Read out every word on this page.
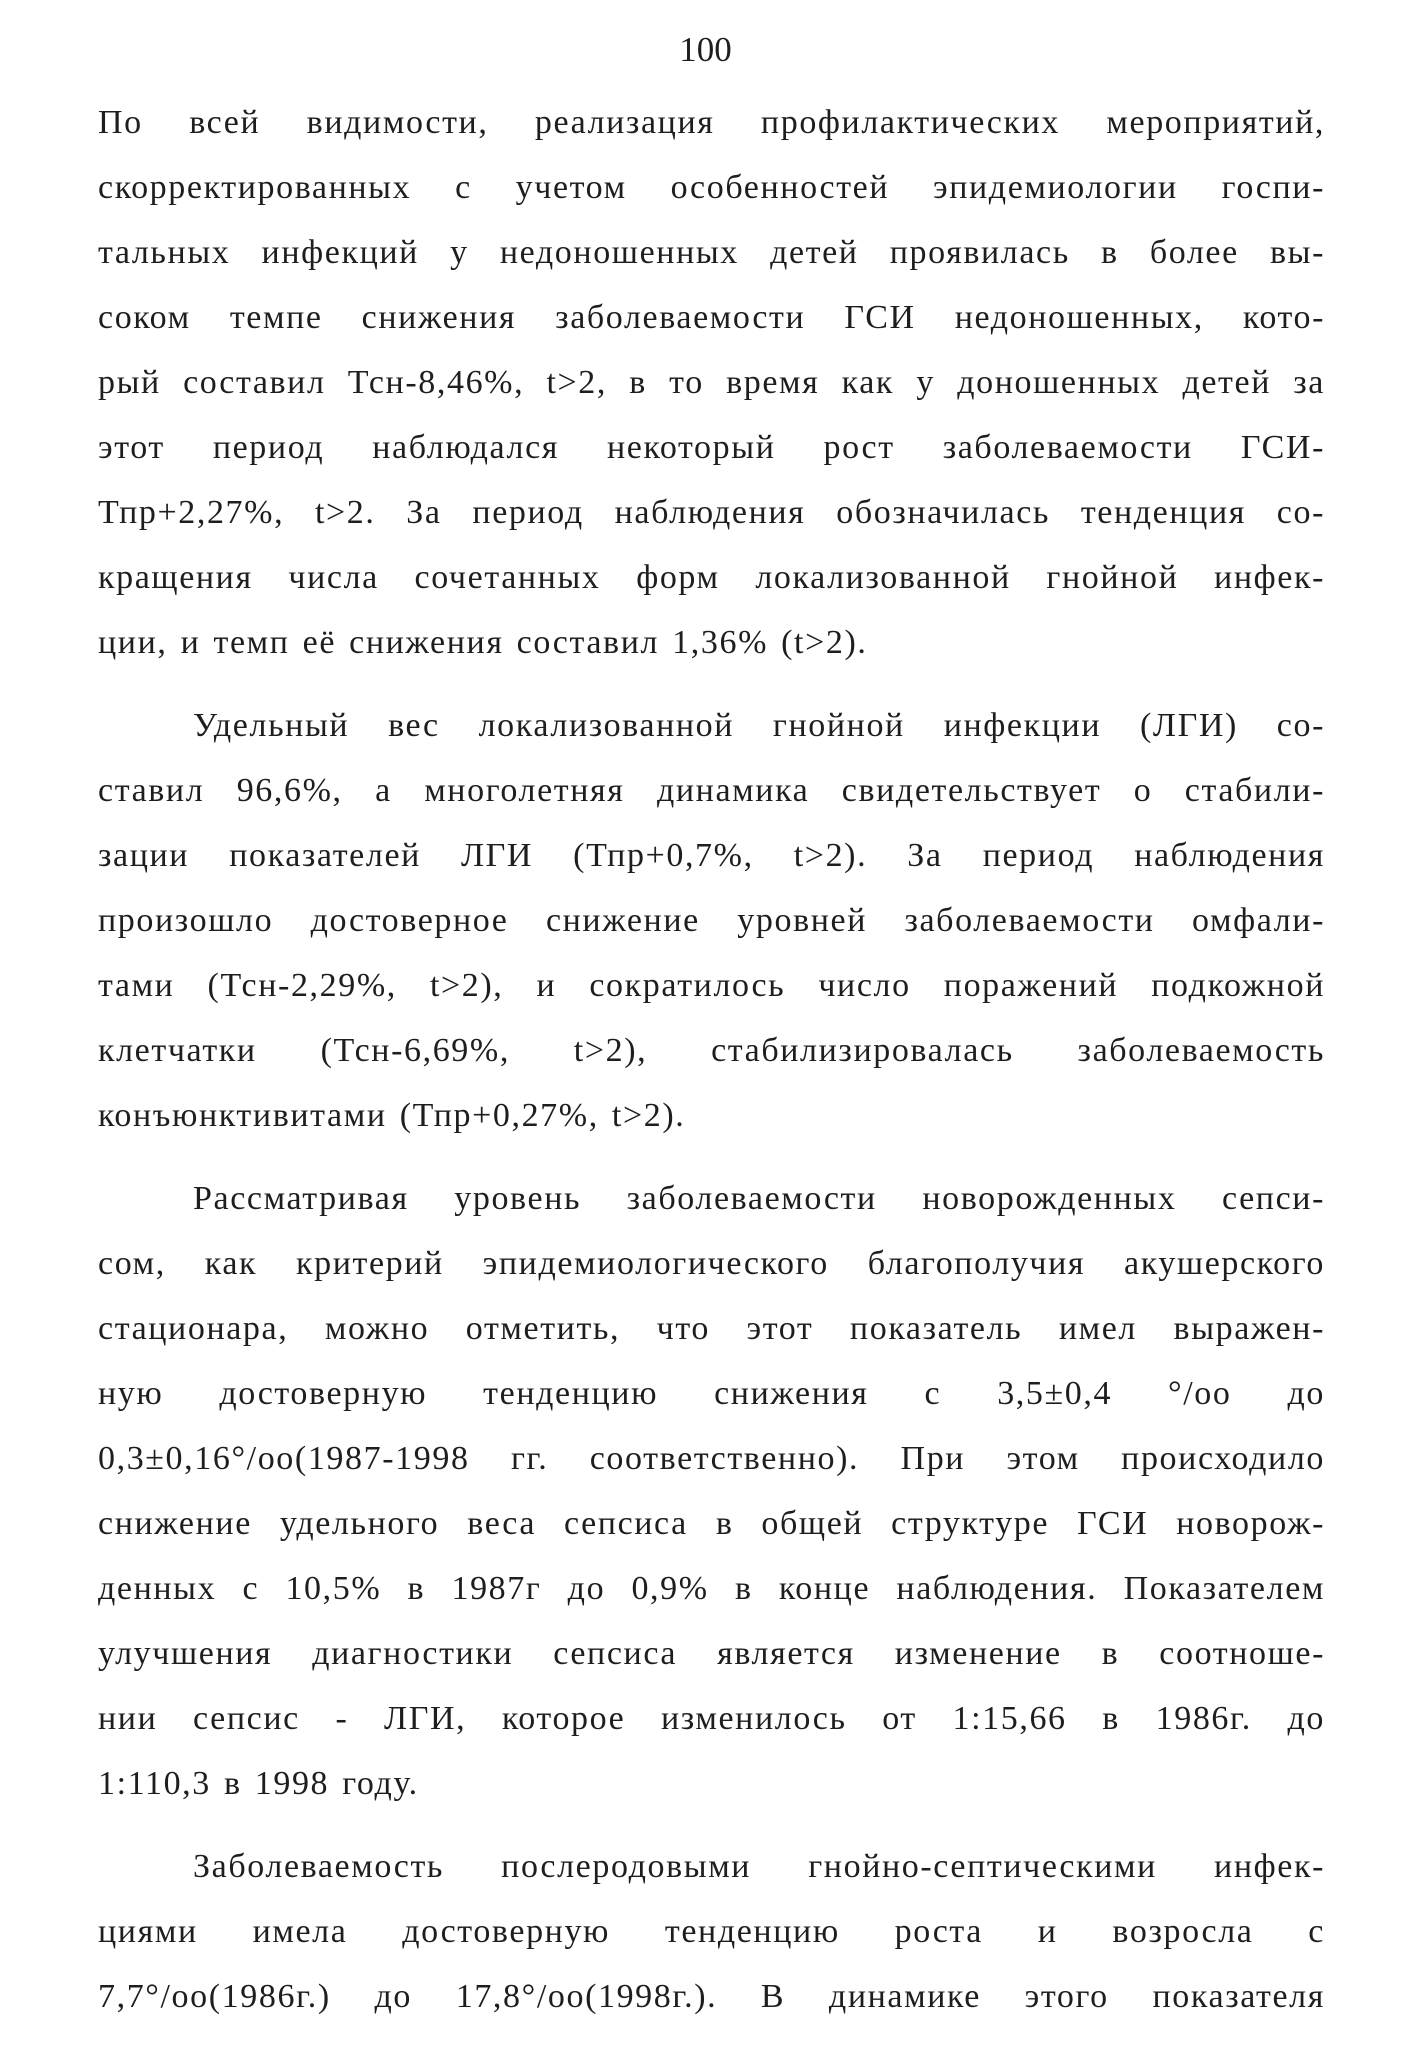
100

По всей видимости, реализация профилактических мероприятий,
скорректированных с учетом особенностей эпидемиологии госпи-
тальных инфекций у недоношенных детей проявилась в более вы-
соком темпе снижения заболеваемости ГСИ недоношенных, кото-
рый составил Тсн-8,46%, t>2, в то время как у доношенных детей за
этот период наблюдался некоторый рост заболеваемости ГСИ-
Тпр+2,27%, t>2. За период наблюдения обозначилась тенденция со-
кращения числа сочетанных форм локализованной гнойной инфек-
ции, и темп её снижения составил 1,36% (t>2).

Удельный вес локализованной гнойной инфекции (ЛГИ) со-
ставил 96,6%, а многолетняя динамика свидетельствует о стабили-
зации показателей ЛГИ (Тпр+0,7%, t>2). За период наблюдения
произошло достоверное снижение уровней заболеваемости омфали-
тами (Тсн-2,29%, t>2), и сократилось число поражений подкожной
клетчатки (Тсн-6,69%, t>2), стабилизировалась заболеваемость
конъюнктивитами (Тпр+0,27%, t>2).

Рассматривая уровень заболеваемости новорожденных сепси-
сом, как критерий эпидемиологического благополучия акушерского
стационара, можно отметить, что этот показатель имел выражен-
ную достоверную тенденцию снижения с 3,5±0,4 °/оо до
0,3±0,16°/оо(1987-1998 гг. соответственно). При этом происходило
снижение удельного веса сепсиса в общей структуре ГСИ новорож-
денных с 10,5% в 1987г до 0,9% в конце наблюдения. Показателем
улучшения диагностики сепсиса является изменение в соотноше-
нии сепсис - ЛГИ, которое изменилось от 1:15,66 в 1986г. до
1:110,3 в 1998 году.

Заболеваемость послеродовыми гнойно-септическими инфек-
циями имела достоверную тенденцию роста и возросла с
7,7°/оо(1986г.) до 17,8°/оо(1998г.). В динамике этого показателя
